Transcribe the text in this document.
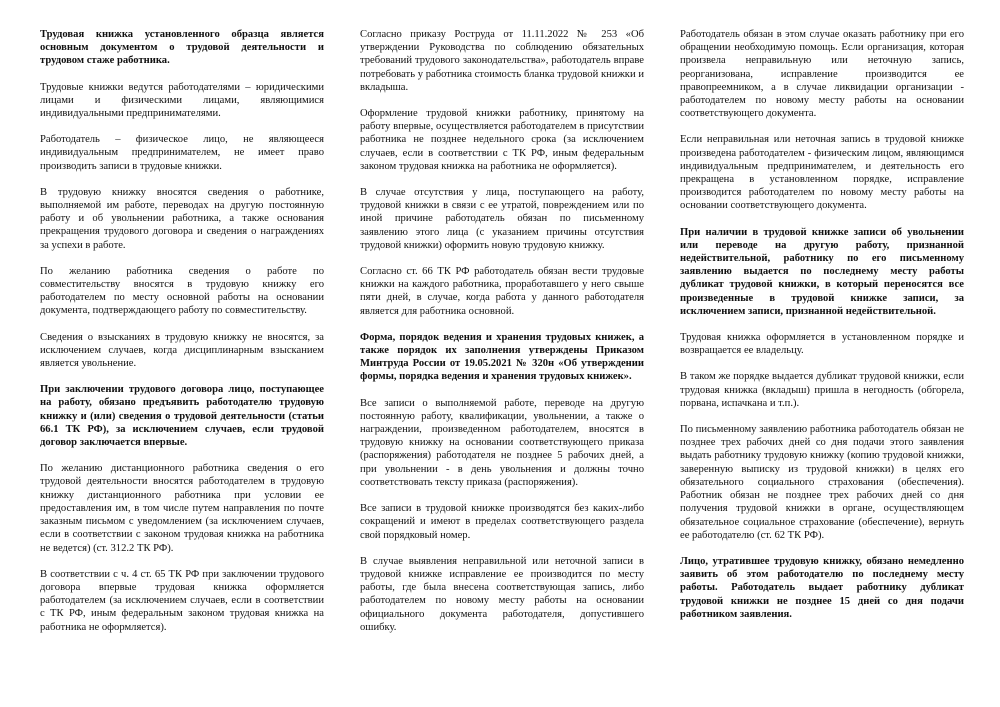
Трудовая книжка установленного образца является основным документом о трудовой деятельности и трудовом стаже работника.

Трудовые книжки ведутся работодателями – юридическими лицами и физическими лицами, являющимися индивидуальными предпринимателями.

Работодатель – физическое лицо, не являющееся индивидуальным предпринимателем, не имеет право производить записи в трудовые книжки.

В трудовую книжку вносятся сведения о работнике, выполняемой им работе, переводах на другую постоянную работу и об увольнении работника, а также основания прекращения трудового договора и сведения о награждениях за успехи в работе.

По желанию работника сведения о работе по совместительству вносятся в трудовую книжку его работодателем по месту основной работы на основании документа, подтверждающего работу по совместительству.

Сведения о взысканиях в трудовую книжку не вносятся, за исключением случаев, когда дисциплинарным взысканием является увольнение.

При заключении трудового договора лицо, поступающее на работу, обязано предъявить работодателю трудовую книжку и (или) сведения о трудовой деятельности (статьи 66.1 ТК РФ), за исключением случаев, если трудовой договор заключается впервые.

По желанию дистанционного работника сведения о его трудовой деятельности вносятся работодателем в трудовую книжку дистанционного работника при условии ее предоставления им, в том числе путем направления по почте заказным письмом с уведомлением (за исключением случаев, если в соответствии с законом трудовая книжка на работника не ведется) (ст. 312.2 ТК РФ).

В соответствии с ч. 4 ст. 65 ТК РФ при заключении трудового договора впервые трудовая книжка оформляется работодателем (за исключением случаев, если в соответствии с ТК РФ, иным федеральным законом трудовая книжка на работника не оформляется).

Согласно приказу Роструда от 11.11.2022 № 253 «Об утверждении Руководства по соблюдению обязательных требований трудового законодательства», работодатель вправе потребовать у работника стоимость бланка трудовой книжки и вкладыша.

Оформление трудовой книжки работнику, принятому на работу впервые, осуществляется работодателем в присутствии работника не позднее недельного срока (за исключением случаев, если в соответствии с ТК РФ, иным федеральным законом трудовая книжка на работника не оформляется).

В случае отсутствия у лица, поступающего на работу, трудовой книжки в связи с ее утратой, повреждением или по иной причине работодатель обязан по письменному заявлению этого лица (с указанием причины отсутствия трудовой книжки) оформить новую трудовую книжку.

Согласно ст. 66 ТК РФ работодатель обязан вести трудовые книжки на каждого работника, проработавшего у него свыше пяти дней, в случае, когда работа у данного работодателя является для работника основной.

Форма, порядок ведения и хранения трудовых книжек, а также порядок их заполнения утверждены Приказом Минтруда России от 19.05.2021 № 320н «Об утверждении формы, порядка ведения и хранения трудовых книжек».

Все записи о выполняемой работе, переводе на другую постоянную работу, квалификации, увольнении, а также о награждении, произведенном работодателем, вносятся в трудовую книжку на основании соответствующего приказа (распоряжения) работодателя не позднее 5 рабочих дней, а при увольнении - в день увольнения и должны точно соответствовать тексту приказа (распоряжения).

Все записи в трудовой книжке производятся без каких-либо сокращений и имеют в пределах соответствующего раздела свой порядковый номер.

В случае выявления неправильной или неточной записи в трудовой книжке исправление ее производится по месту работы, где была внесена соответствующая запись, либо работодателем по новому месту работы на основании официального документа работодателя, допустившего ошибку.

Работодатель обязан в этом случае оказать работнику при его обращении необходимую помощь. Если организация, которая произвела неправильную или неточную запись, реорганизована, исправление производится ее правопреемником, а в случае ликвидации организации - работодателем по новому месту работы на основании соответствующего документа.

Если неправильная или неточная запись в трудовой книжке произведена работодателем - физическим лицом, являющимся индивидуальным предпринимателем, и деятельность его прекращена в установленном порядке, исправление производится работодателем по новому месту работы на основании соответствующего документа.

При наличии в трудовой книжке записи об увольнении или переводе на другую работу, признанной недействительной, работнику по его письменному заявлению выдается по последнему месту работы дубликат трудовой книжки, в который переносятся все произведенные в трудовой книжке записи, за исключением записи, признанной недействительной.

Трудовая книжка оформляется в установленном порядке и возвращается ее владельцу.

В таком же порядке выдается дубликат трудовой книжки, если трудовая книжка (вкладыш) пришла в негодность (обгорела, порвана, испачкана и т.п.).

По письменному заявлению работника работодатель обязан не позднее трех рабочих дней со дня подачи этого заявления выдать работнику трудовую книжку (копию трудовой книжки, заверенную выписку из трудовой книжки) в целях его обязательного социального страхования (обеспечения). Работник обязан не позднее трех рабочих дней со дня получения трудовой книжки в органе, осуществляющем обязательное социальное страхование (обеспечение), вернуть ее работодателю (ст. 62 ТК РФ).

Лицо, утратившее трудовую книжку, обязано немедленно заявить об этом работодателю по последнему месту работы. Работодатель выдает работнику дубликат трудовой книжки не позднее 15 дней со дня подачи работником заявления.
